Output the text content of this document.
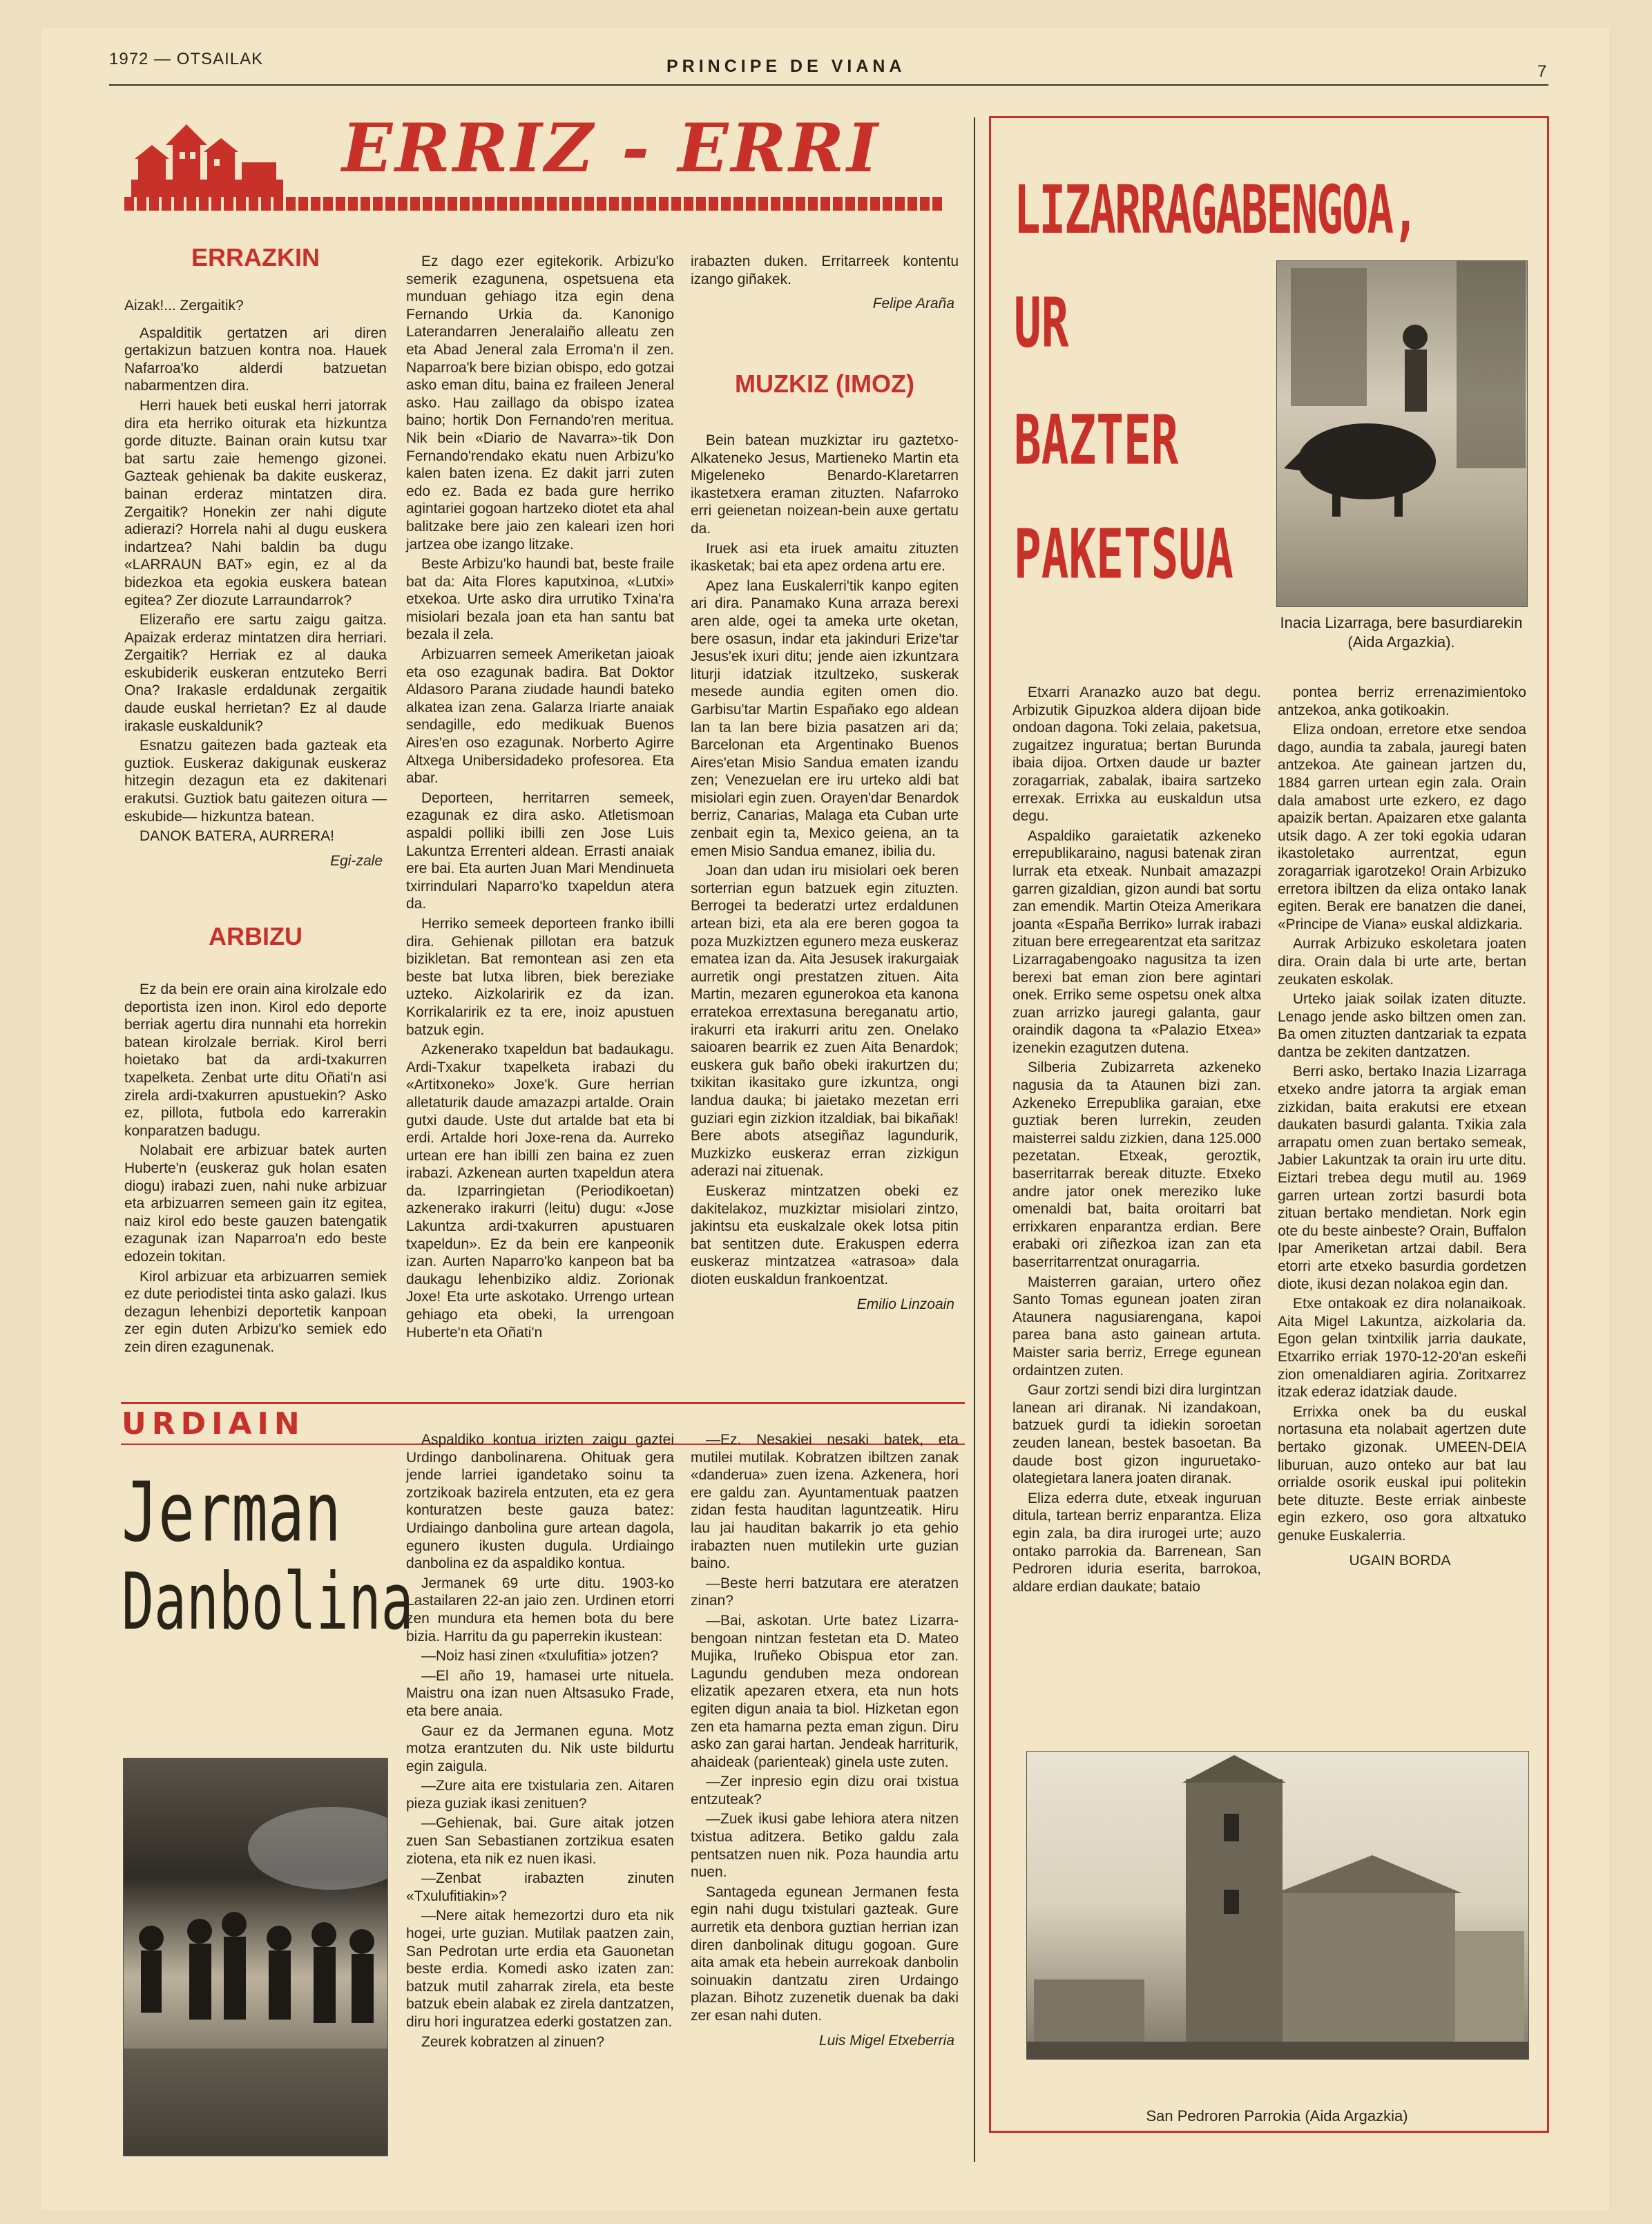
1972 — OTSAILAK	PRINCIPE DE VIANA	7
ERRIZ - ERRI
ERRAZKIN

Aizak!... Zergaitik?

Aspalditik gertatzen ari diren gertakizun batzuen kontra noa. Hauek Nafarroa'ko alderdi batzuetan nabarmentzen dira.

Herri hauek beti euskal herri jatorrak dira eta herriko oiturak eta hizkuntza gorde dituzte. Bainan orain kutsu txar bat sartu zaie hemengo gizonei. Gazteak gehienak ba dakite euskeraz, bainan erderaz mintatzen dira. Zergaitik? Honekin zer nahi digute adierazi? Horrela nahi al dugu euskera indartzea? Nahi baldin ba dugu «LARRAUN BAT» egin, ez al da bidezkoa eta egokia euskera batean egitea? Zer diozute Larraundarrok?

Elizeraño ere sartu zaigu gaitza. Apaizak erderaz mintatzen dira herriari. Zergaitik? Herriak ez al dauka eskubiderik euskeran entzuteko Berri Ona? Irakasle erdaldunak zergaitik daude euskal herrietan? Ez al daude irakasle euskaldunik?

Esnatzu gaitezen bada gazteak eta guztiok. Euskeraz dakigunak euskeraz hitzegin dezagun eta ez dakitenari erakutsi. Guztiok batu gaitezen oitura —eskubide— hizkuntza batean.

DANOK BATERA, AURRERA!

Egi-zale
ARBIZU

Ez da bein ere orain aina kirolzale edo deportista izen inon. Kirol edo deporte berriak agertu dira nunnahi eta horrekin batean kirolzale berriak. Kirol berri hoietako bat da ardi-txakurren txapelketa. Zenbat urte ditu Oñati'n asi zirela ardi-txakurren apustuekin? Asko ez, pillota, futbola edo karrerakin konparatzen badugu.

Nolabait ere arbizuar batek aurten Huberte'n (euskeraz guk holan esaten diogu) irabazi zuen, nahi nuke arbizuar eta arbizuarren semeen gain itz egitea, naiz kirol edo beste gauzen batengatik ezagunak izan Naparroa'n edo beste edozein tokitan.

Kirol arbizuar eta arbizuarren semiek ez dute periodistei tinta asko galazi. Ikus dezagun lehenbizi deportetik kanpoan zer egin duten Arbizu'ko semiek edo zein diren ezagunenak.

Ez dago ezer egitekorik. Arbizu'ko semerik ezagunena, ospetsuena eta munduan gehiago itza egin dena Fernando Urkia da. Kanonigo Laterandarren Jeneralaiño alleatu zen eta Abad Jeneral zala Erroma'n il zen. Naparroa'k bere bizian obispo, edo gotzai asko eman ditu, baina ez fraileen Jeneral asko. Hau zaillago da obispo izatea baino; hortik Don Fernando'ren meritua. Nik bein «Diario de Navarra»-tik Don Fernando'rendako ekatu nuen Arbizu'ko kalen baten izena. Ez dakit jarri zuten edo ez. Bada ez bada gure herriko agintariei gogoan hartzeko diotet eta ahal balitzake bere jaio zen kaleari izen hori jartzea obe izango litzake.

Beste Arbizu'ko haundi bat, beste fraile bat da: Aita Flores kaputxinoa, «Lutxi» etxekoa. Urte asko dira urrutiko Txina'ra misiolari bezala joan eta han santu bat bezala il zela.

Arbizuarren semeek Ameriketan jaioak eta oso ezagunak badira. Bat Doktor Aldasoro Parana ziudade haundi bateko alkatea izan zena. Galarza Iriarte anaiak sendagille, edo medikuak Buenos Aires'en oso ezagunak. Norberto Agirre Altxega Unibersidadeko profesorea. Eta abar.

Deporteen, herritarren semeek, ezagunak ez dira asko. Atletismoan aspaldi polliki ibilli zen Jose Luis Lakuntza Errenteri aldean. Errasti anaiak ere bai. Eta aurten Juan Mari Mendinueta txirrindulari Naparro'ko txapeldun atera da.

Herriko semeek deporteen franko ibilli dira. Gehienak pillotan era batzuk bizikletan. Bat remontean asi zen eta beste bat lutxa libren, biek bereziake uzteko. Aizkolaririk ez da izan. Korrikalaririk ez ta ere, inoiz apustuen batzuk egin.

Azkenerako txapeldun bat badaukagu. Ardi-Txakur txapelketa irabazi du «Artitxoneko» Joxe'k. Gure herrian alletaturik daude amazazpi artalde. Orain gutxi daude. Uste dut artalde bat eta bi erdi. Artalde hori Joxe-rena da. Aurreko urtean ere han ibilli zen baina ez zuen irabazi. Azkenean aurten txapeldun atera da. Izparringietan (Periodikoetan) azkenerako irakurri (leitu) dugu: «Jose Lakuntza ardi-txakurren apustuaren txapeldun». Ez da bein ere kanpeonik izan. Aurten Naparro'ko kanpeon bat ba daukagu lehenbiziko aldiz. Zorionak Joxe! Eta urte askotako. Urrengo urtean gehiago eta obeki, la urrengoan Huberte'n eta Oñati'n

irabazten duken. Erritarreek kontentu izango giñakek.

Felipe Araña
MUZKIZ (IMOZ)

Bein batean muzkiztar iru gaztetxo-Alkateneko Jesus, Martieneko Martin eta Migeleneko Benardo-Klaretarren ikastetxera eraman zituzten. Nafarroko erri geienetan noizean-bein auxe gertatu da.

Iruek asi eta iruek amaitu zituzten ikasketak; bai eta apez ordena artu ere.

Apez lana Euskalerri'tik kanpo egiten ari dira. Panamako Kuna arraza berexi aren alde, ogei ta ameka urte oketan, bere osasun, indar eta jakinduri Erize'tar Jesus'ek ixuri ditu; jende aien izkuntzara liturji idatziak itzultzeko, suskerak mesede aundia egiten omen dio. Garbisu'tar Martin Españako ego aldean lan ta lan bere bizia pasatzen ari da; Barcelonan eta Argentinako Buenos Aires'etan Misio Sandua ematen izandu zen; Venezuelan ere iru urteko aldi bat misiolari egin zuen. Orayen'dar Benardok berriz, Canarias, Malaga eta Cuban urte zenbait egin ta, Mexico geiena, an ta emen Misio Sandua emanez, ibilia du.

Joan dan udan iru misiolari oek beren sorterrian egun batzuek egin zituzten. Berrogei ta bederatzi urtez erdaldunen artean bizi, eta ala ere beren gogoa ta poza Muzkiztzen egunero meza euskeraz ematea izan da. Aita Jesusek irakurgaiak aurretik ongi prestatzen zituen. Aita Martin, mezaren egunerokoa eta kanona erratekoa errextasuna bereganatu artio, irakurri eta irakurri aritu zen. Onelako saioaren bearrik ez zuen Aita Benardok; euskera guk baño obeki irakurtzen du; txikitan ikasitako gure izkuntza, ongi landua dauka; bi jaietako mezetan erri guziari egin zizkion itzaldiak, bai bikañak! Bere abots atsegiñaz lagundurik, Muzkizko euskeraz erran zizkigun aderazi nai zituenak.

Euskeraz mintzatzen obeki ez dakitelakoz, muzkiztar misiolari zintzo, jakintsu eta euskalzale okek lotsa pitin bat sentitzen dute. Erakuspen ederra euskeraz mintzatzea «atrasoa» dala dioten euskaldun frankoentzat.

Emilio Linzoain
URDIAIN
Jerman
Danbolina

Aspaldiko kontua irizten zaigu gaztei Urdingo danbolinarena. Ohituak gera jende larriei igandetako soinu ta zortzikoak bazirela entzuten, eta ez gera konturatzen beste gauza batez: Urdiaingo danbolina gure artean dagola, egunero ikusten dugula. Urdiaingo danbolina ez da aspaldiko kontua.

Jermanek 69 urte ditu. 1903-ko Lastailaren 22-an jaio zen. Urdinen etorri zen mundura eta hemen bota du bere bizia. Harritu da gu paperrekin ikustean:

—Noiz hasi zinen «txulufitia» jotzen?

—El año 19, hamasei urte nituela. Maistru ona izan nuen Altsasuko Frade, eta bere anaia.

Gaur ez da Jermanen eguna. Motz motza erantzuten du. Nik uste bildurtu egin zaigula.

—Zure aita ere txistularia zen. Aitaren pieza guziak ikasi zenituen?

—Gehienak, bai. Gure aitak jotzen zuen San Sebastianen zortzikua esaten ziotena, eta nik ez nuen ikasi.

—Zenbat irabazten zinuten «Txulufitiakin»?

—Nere aitak hemezortzi duro eta nik hogei, urte guzian. Mutilak paatzen zain, San Pedrotan urte erdia eta Gauonetan beste erdia. Komedi asko izaten zan: batzuk mutil zaharrak zirela, eta beste batzuk ebein alabak ez zirela dantzatzen, diru hori inguratzea ederki gostatzen zan.

Zeurek kobratzen al zinuen?

—Ez. Nesakiei nesaki batek, eta mutilei mutilak. Kobratzen ibiltzen zanak «danderua» zuen izena. Azkenera, hori ere galdu zan. Ayuntamentuak paatzen zidan festa hauditan laguntzeatik. Hiru lau jai hauditan bakarrik jo eta gehio irabazten nuen mutilekin urte guzian baino.

—Beste herri batzutara ere ateratzen zinan?

—Bai, askotan. Urte batez Lizarra-bengoan nintzan festetan eta D. Mateo Mujika, Iruñeko Obispua etor zan. Lagundu genduben meza ondorean elizatik apezaren etxera, eta nun hots egiten digun anaia ta biol. Hizketan egon zen eta hamarna pezta eman zigun. Diru asko zan garai hartan. Jendeak harriturik, ahaideak (parienteak) ginela uste zuten.

—Zer inpresio egin dizu orai txistua entzuteak?

—Zuek ikusi gabe lehiora atera nitzen txistua aditzera. Betiko galdu zala pentsatzen nuen nik. Poza haundia artu nuen.

Santageda egunean Jermanen festa egin nahi dugu txistulari gazteak. Gure aurretik eta denbora guztian herrian izan diren danbolinak ditugu gogoan. Gure aita amak eta hebein aurrekoak danbolin soinuakin dantzatu ziren Urdaingo plazan. Bihotz zuzenetik duenak ba daki zer esan nahi duten.

Luis Migel Etxeberria
LIZARRAGABENGOA,
UR
BAZTER
PAKETSUA
Inacia Lizarraga, bere basurdiarekin (Aida Argazkia).

Etxarri Aranazko auzo bat degu. Arbizutik Gipuzkoa aldera dijoan bide ondoan dagona. Toki zelaia, paketsua, zugaitzez inguratua; bertan Burunda ibaia dijoa. Ortxen daude ur bazter zoragarriak, zabalak, ibaira sartzeko errexak. Errixka au euskaldun utsa degu.

Aspaldiko garaietatik azkeneko errepublikaraino, nagusi batenak ziran lurrak eta etxeak. Nunbait amazazpi garren gizaldian, gizon aundi bat sortu zan emendik. Martin Oteiza Amerikara joanta «España Berriko» lurrak irabazi zituan bere erregearentzat eta saritzaz Lizarragabengoako nagusitza ta izen berexi bat eman zion bere agintari onek. Erriko seme ospetsu onek altxa zuan arrizko jauregi galanta, gaur oraindik dagona ta «Palazio Etxea» izenekin ezagutzen dutena.

Silberia Zubizarreta azkeneko nagusia da ta Ataunen bizi zan. Azkeneko Errepublika garaian, etxe guztiak beren lurrekin, zeuden maisterrei saldu zizkien, dana 125.000 pezetatan. Etxeak, geroztik, baserritarrak bereak dituzte. Etxeko andre jator onek mereziko luke omenaldi bat, baita oroitarri bat errixkaren enparantza erdian. Bere erabaki ori ziñezkoa izan zan eta baserritarrentzat onuragarria.

Maisterren garaian, urtero oñez Santo Tomas egunean joaten ziran Ataunera nagusiarengana, kapoi parea bana asto gainean artuta. Maister saria berriz, Errege egunean ordaintzen zuten.

Gaur zortzi sendi bizi dira lurgintzan lanean ari diranak. Ni izandakoan, batzuek gurdi ta idiekin soroetan zeuden lanean, bestek basoetan. Ba daude bost gizon inguruetako-olategietara lanera joaten diranak.

Eliza ederra dute, etxeak inguruan ditula, tartean berriz enparantza. Eliza egin zala, ba dira irurogei urte; auzo ontako parrokia da. Barrenean, San Pedroren iduria eserita, barrokoa, aldare erdian daukate; bataio

pontea berriz errenazimientoko antzekoa, anka gotikoakin.

Eliza ondoan, erretore etxe sendoa dago, aundia ta zabala, jauregi baten antzekoa. Ate gainean jartzen du, 1884 garren urtean egin zala. Orain dala amabost urte ezkero, ez dago apaizik bertan. Apaizaren etxe galanta utsik dago. A zer toki egokia udaran ikastoletako aurrentzat, egun zoragarriak igarotzeko! Orain Arbizuko erretora ibiltzen da eliza ontako lanak egiten. Berak ere banatzen die danei, «Principe de Viana» euskal aldizkaria.

Aurrak Arbizuko eskoletara joaten dira. Orain dala bi urte arte, bertan zeukaten eskolak.

Urteko jaiak soilak izaten dituzte. Lenago jende asko biltzen omen zan. Ba omen zituzten dantzariak ta ezpata dantza be zekiten dantzatzen.

Berri asko, bertako Inazia Lizarraga etxeko andre jatorra ta argiak eman zizkidan, baita erakutsi ere etxean daukaten basurdi galanta. Txikia zala arrapatu omen zuan bertako semeak, Jabier Lakuntzak ta orain iru urte ditu. Eiztari trebea degu mutil au. 1969 garren urtean zortzi basurdi bota zituan bertako mendietan. Nork egin ote du beste ainbeste? Orain, Buffalon Ipar Ameriketan artzai dabil. Bera etorri arte etxeko basurdia gordetzen diote, ikusi dezan nolakoa egin dan.

Etxe ontakoak ez dira nolanaikoak. Aita Migel Lakuntza, aizkolaria da. Egon gelan txintxilik jarria daukate, Etxarriko erriak 1970-12-20'an eskeñi zion omenaldiaren agiria. Zoritxarrez itzak ederaz idatziak daude.

Errixka onek ba du euskal nortasuna eta nolabait agertzen dute bertako gizonak. UMEEN-DEIA liburuan, auzo onteko aur bat lau orrialde osorik euskal ipui politekin bete dituzte. Beste erriak ainbeste egin ezkero, oso gora altxatuko genuke Euskalerria.

UGAIN BORDA
San Pedroren Parrokia (Aida Argazkia)
